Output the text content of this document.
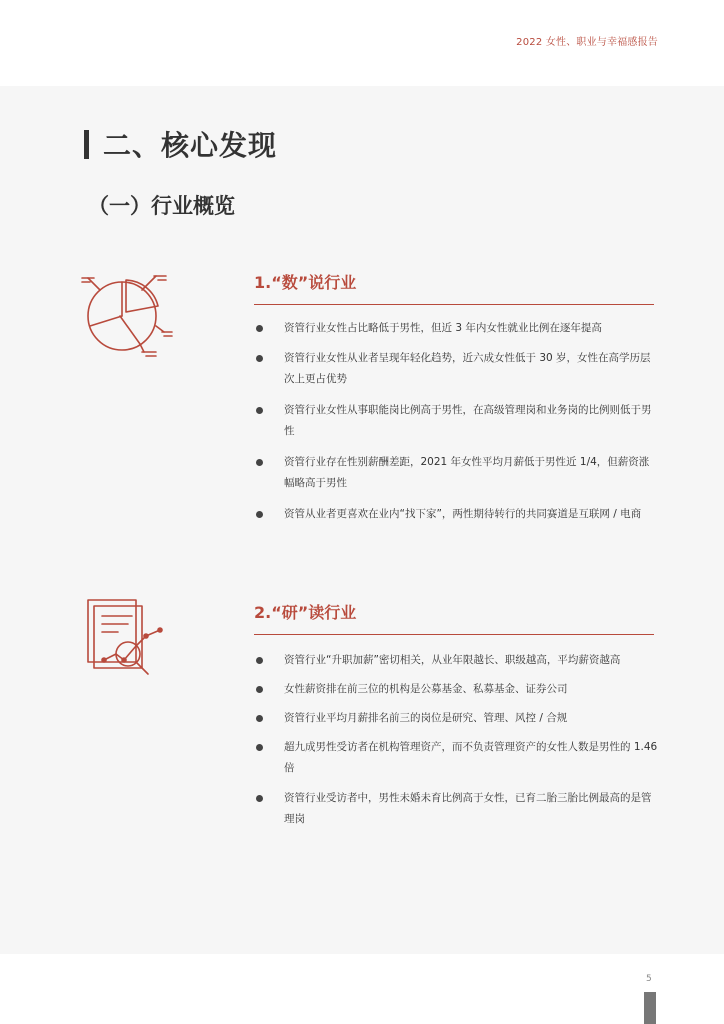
2022 女性、职业与幸福感报告
二、核心发现
（一）行业概览
1.“数”说行业
资管行业女性占比略低于男性，但近 3 年内女性就业比例在逐年提高
资管行业女性从业者呈现年轻化趋势，近六成女性低于 30 岁，女性在高学历层次上更占优势
资管行业女性从事职能岗比例高于男性，在高级管理岗和业务岗的比例则低于男性
资管行业存在性别薪酬差距，2021 年女性平均月薪低于男性近 1/4，但薪资涨幅略高于男性
资管从业者更喜欢在业内“找下家”，两性期待转行的共同赛道是互联网 / 电商
2.“研”读行业
资管行业“升职加薪”密切相关，从业年限越长、职级越高，平均薪资越高
女性薪资排在前三位的机构是公募基金、私募基金、证券公司
资管行业平均月薪排名前三的岗位是研究、管理、风控 / 合规
超九成男性受访者在机构管理资产，而不负责管理资产的女性人数是男性的 1.46 倍
资管行业受访者中，男性未婚未育比例高于女性，已育二胎三胎比例最高的是管理岗
5
